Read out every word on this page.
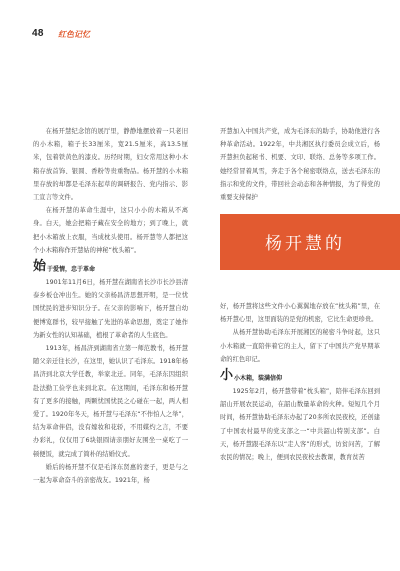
48 红色记忆

在杨开慧纪念馆的展厅里，静静地摆放着一只老旧的小木箱，箱子长33厘米，宽21.5厘米，高13.5厘米，包着铁黄色的漆皮。历经时期，妇女常用这种小木箱存放首饰、银圆、香粉等贵重物品。杨开慧的小木箱里存放的却都是毛泽东起草的调研报告、党内指示、影工宣言等文件。

在杨开慧的革命生涯中，这只小小的木箱从不离身。白天，她会把箱子藏在安全的地方；到了晚上，就把小木箱放上衣服，当成枕头使用。杨开慧等人都把这个小木箱称作开慧姑的神秘“枕头箱”。

始 于爱情，忠于革命

1901年11月6日，杨开慧在湖南省长沙市长沙县清泰乡板仓冲出生。她的父亲杨昌济思想开明，是一位忧国忧民的进步知识分子。在父亲的影响下，杨开慧自幼便博览群书，较早接触了先进的革命思想，奠定了她作为新女性的认知基础，植根了革命者的人生底色。

1913年，杨昌济到湖南省立第一师范教书，杨开慧随父亲迁往长沙，在这里，她认识了毛泽东。1918年杨昌济到北京大学任教，举家北迁。同年，毛泽东因组织赴法勤工俭学也来到北京。在这期间，毛泽东和杨开慧有了更多的接触，两颗忧国忧民之心碰在一起，两人相爱了。1920年冬天，杨开慧与毛泽东“不作怕人之举”，结为革命伴侣，没有嫁妆和花轿，不用媒灼之言，不要办彩礼，仅仅用了6块银圆请亲朋好友围坐一桌吃了一顿便饭，就完成了简朴的结婚仪式。

婚后的杨开慧不仅是毛泽东贤惠的妻子，更是与之一起为革命奋斗的亲密战友。1921年，杨

开慧加入中国共产党，成为毛泽东的助手，协助他进行各种革命活动。1922年，中共湘区执行委员会成立后，杨开慧担负起秘书、机要、文印、联络、总务等多项工作。她经常冒着风雪，奔走于各个秘密联络点，送去毛泽东的指示和党的文件，带回社会动态和各种情报，为了得党的重要支持保护

杨开慧的

好，杨开慧将这些文件小心翼翼地存放在“枕头箱”里，在杨开慧心里，这里面装的是党的机密，它比生命更珍贵。

从杨开慧协助毛泽东开展湘区的秘密斗争时起，这只小木箱就一直陪伴着它的主人，留下了中国共产党早期革命的红色印记。

小 小木箱，装满信仰

1925年2月，杨开慧带着“枕头箱”，陪伴毛泽东回到韶山开展农民运动，在韶山数量革命的火种。短短几个月时间，杨开慧协助毛泽东办起了20多所农民夜校，还创建了中国农村最早的党支部之一“中共韶山特别支部”。白天，杨开慧跟毛泽东以“走人客”的形式，访贫问苦，了解农民的情况；晚上，便到农民夜校去教课，教育贫苦
